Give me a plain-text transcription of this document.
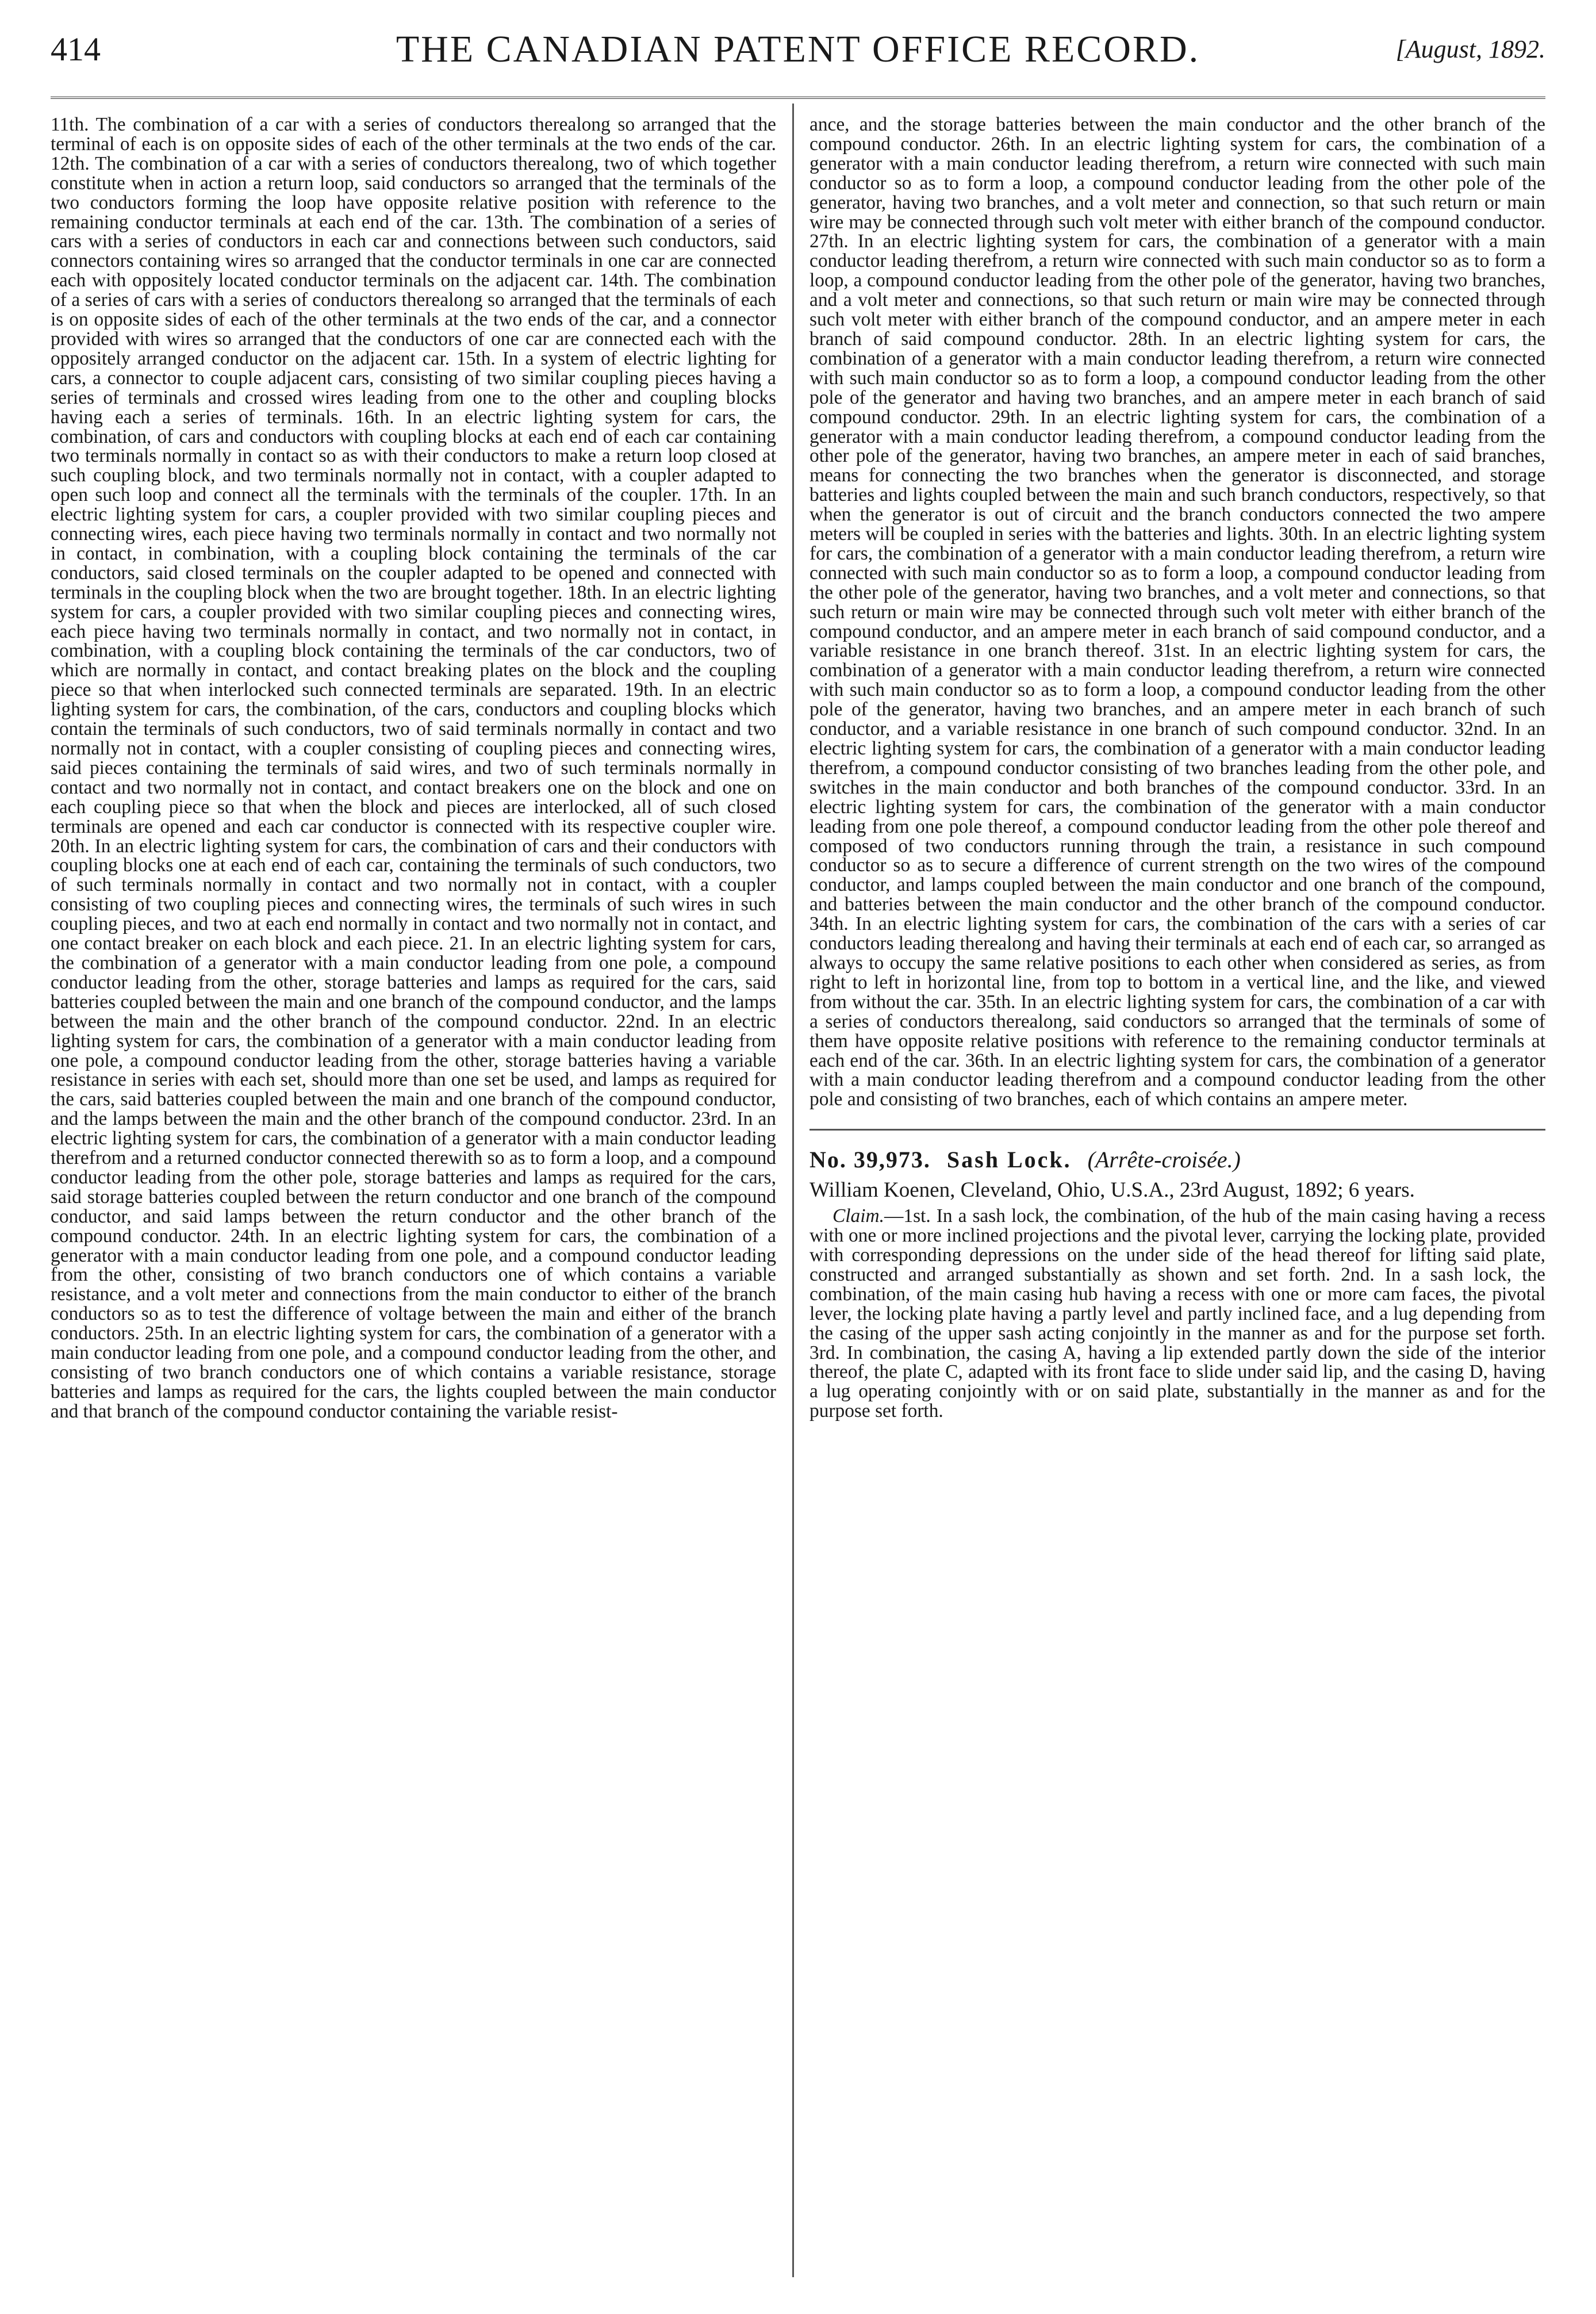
414	THE CANADIAN PATENT OFFICE RECORD.	[August, 1892.

11th. The combination of a car with a series of conductors therealong so arranged that the terminal of each is on opposite sides of each of the other terminals at the two ends of the car. 12th. The combination of a car with a series of conductors therealong, two of which together constitute when in action a return loop, said conductors so arranged that the terminals of the two conductors forming the loop have opposite relative position with reference to the remaining conductor terminals at each end of the car. 13th. The combination of a series of cars with a series of conductors in each car and connections between such conductors, said connectors containing wires so arranged that the conductor terminals in one car are connected each with oppositely located conductor terminals on the adjacent car. 14th. The combination of a series of cars with a series of conductors therealong so arranged that the terminals of each is on opposite sides of each of the other terminals at the two ends of the car, and a connector provided with wires so arranged that the conductors of one car are connected each with the oppositely arranged conductor on the adjacent car. 15th. In a system of electric lighting for cars, a connector to couple adjacent cars, consisting of two similar coupling pieces having a series of terminals and crossed wires leading from one to the other and coupling blocks having each a series of terminals. 16th. In an electric lighting system for cars, the combination, of cars and conductors with coupling blocks at each end of each car containing two terminals normally in contact so as with their conductors to make a return loop closed at such coupling block, and two terminals normally not in contact, with a coupler adapted to open such loop and connect all the terminals with the terminals of the coupler. 17th. In an electric lighting system for cars, a coupler provided with two similar coupling pieces and connecting wires, each piece having two terminals normally in contact and two normally not in contact, in combination, with a coupling block containing the terminals of the car conductors, said closed terminals on the coupler adapted to be opened and connected with terminals in the coupling block when the two are brought together. 18th. In an electric lighting system for cars, a coupler provided with two similar coupling pieces and connecting wires, each piece having two terminals normally in contact, and two normally not in contact, in combination, with a coupling block containing the terminals of the car conductors, two of which are normally in contact, and contact breaking plates on the block and the coupling piece so that when interlocked such connected terminals are separated. 19th. In an electric lighting system for cars, the combination, of the cars, conductors and coupling blocks which contain the terminals of such conductors, two of said terminals normally in contact and two normally not in contact, with a coupler consisting of coupling pieces and connecting wires, said pieces containing the terminals of said wires, and two of such terminals normally in contact and two normally not in contact, and contact breakers one on the block and one on each coupling piece so that when the block and pieces are interlocked, all of such closed terminals are opened and each car conductor is connected with its respective coupler wire. 20th. In an electric lighting system for cars, the combination of cars and their conductors with coupling blocks one at each end of each car, containing the terminals of such conductors, two of such terminals normally in contact and two normally not in contact, with a coupler consisting of two coupling pieces and connecting wires, the terminals of such wires in such coupling pieces, and two at each end normally in contact and two normally not in contact, and one contact breaker on each block and each piece. 21. In an electric lighting system for cars, the combination of a generator with a main conductor leading from one pole, a compound conductor leading from the other, storage batteries and lamps as required for the cars, said batteries coupled between the main and one branch of the compound conductor, and the lamps between the main and the other branch of the compound conductor. 22nd. In an electric lighting system for cars, the combination of a generator with a main conductor leading from one pole, a compound conductor leading from the other, storage batteries having a variable resistance in series with each set, should more than one set be used, and lamps as required for the cars, said batteries coupled between the main and one branch of the compound conductor, and the lamps between the main and the other branch of the compound conductor. 23rd. In an electric lighting system for cars, the combination of a generator with a main conductor leading therefrom and a returned conductor connected therewith so as to form a loop, and a compound conductor leading from the other pole, storage batteries and lamps as required for the cars, said storage batteries coupled between the return conductor and one branch of the compound conductor, and said lamps between the return conductor and the other branch of the compound conductor. 24th. In an electric lighting system for cars, the combination of a generator with a main conductor leading from one pole, and a compound conductor leading from the other, consisting of two branch conductors one of which contains a variable resistance, and a volt meter and connections from the main conductor to either of the branch conductors so as to test the difference of voltage between the main and either of the branch conductors. 25th. In an electric lighting system for cars, the combination of a generator with a main conductor leading from one pole, and a compound conductor leading from the other, and consisting of two branch conductors one of which contains a variable resistance, storage batteries and lamps as required for the cars, the lights coupled between the main conductor and that branch of the compound conductor containing the variable resist-

ance, and the storage batteries between the main conductor and the other branch of the compound conductor. 26th. In an electric lighting system for cars, the combination of a generator with a main conductor leading therefrom, a return wire connected with such main conductor so as to form a loop, a compound conductor leading from the other pole of the generator, having two branches, and a volt meter and connection, so that such return or main wire may be connected through such volt meter with either branch of the compound conductor. 27th. In an electric lighting system for cars, the combination of a generator with a main conductor leading therefrom, a return wire connected with such main conductor so as to form a loop, a compound conductor leading from the other pole of the generator, having two branches, and a volt meter and connections, so that such return or main wire may be connected through such volt meter with either branch of the compound conductor, and an ampere meter in each branch of said compound conductor. 28th. In an electric lighting system for cars, the combination of a generator with a main conductor leading therefrom, a return wire connected with such main conductor so as to form a loop, a compound conductor leading from the other pole of the generator and having two branches, and an ampere meter in each branch of said compound conductor. 29th. In an electric lighting system for cars, the combination of a generator with a main conductor leading therefrom, a compound conductor leading from the other pole of the generator, having two branches, an ampere meter in each of said branches, means for connecting the two branches when the generator is disconnected, and storage batteries and lights coupled between the main and such branch conductors, respectively, so that when the generator is out of circuit and the branch conductors connected the two ampere meters will be coupled in series with the batteries and lights. 30th. In an electric lighting system for cars, the combination of a generator with a main conductor leading therefrom, a return wire connected with such main conductor so as to form a loop, a compound conductor leading from the other pole of the generator, having two branches, and a volt meter and connections, so that such return or main wire may be connected through such volt meter with either branch of the compound conductor, and an ampere meter in each branch of said compound conductor, and a variable resistance in one branch thereof. 31st. In an electric lighting system for cars, the combination of a generator with a main conductor leading therefrom, a return wire connected with such main conductor so as to form a loop, a compound conductor leading from the other pole of the generator, having two branches, and an ampere meter in each branch of such conductor, and a variable resistance in one branch of such compound conductor. 32nd. In an electric lighting system for cars, the combination of a generator with a main conductor leading therefrom, a compound conductor consisting of two branches leading from the other pole, and switches in the main conductor and both branches of the compound conductor. 33rd. In an electric lighting system for cars, the combination of the generator with a main conductor leading from one pole thereof, a compound conductor leading from the other pole thereof and composed of two conductors running through the train, a resistance in such compound conductor so as to secure a difference of current strength on the two wires of the compound conductor, and lamps coupled between the main conductor and one branch of the compound, and batteries between the main conductor and the other branch of the compound conductor. 34th. In an electric lighting system for cars, the combination of the cars with a series of car conductors leading therealong and having their terminals at each end of each car, so arranged as always to occupy the same relative positions to each other when considered as series, as from right to left in horizontal line, from top to bottom in a vertical line, and the like, and viewed from without the car. 35th. In an electric lighting system for cars, the combination of a car with a series of conductors therealong, said conductors so arranged that the terminals of some of them have opposite relative positions with reference to the remaining conductor terminals at each end of the car. 36th. In an electric lighting system for cars, the combination of a generator with a main conductor leading therefrom and a compound conductor leading from the other pole and consisting of two branches, each of which contains an ampere meter.

No. 39,973. Sash Lock. (Arrête-croisée.)

William Koenen, Cleveland, Ohio, U.S.A., 23rd August, 1892; 6 years.

Claim.—1st. In a sash lock, the combination, of the hub of the main casing having a recess with one or more inclined projections and the pivotal lever, carrying the locking plate, provided with corresponding depressions on the under side of the head thereof for lifting said plate, constructed and arranged substantially as shown and set forth. 2nd. In a sash lock, the combination, of the main casing hub having a recess with one or more cam faces, the pivotal lever, the locking plate having a partly level and partly inclined face, and a lug depending from the casing of the upper sash acting conjointly in the manner as and for the purpose set forth. 3rd. In combination, the casing A, having a lip extended partly down the side of the interior thereof, the plate C, adapted with its front face to slide under said lip, and the casing D, having a lug operating conjointly with or on said plate, substantially in the manner as and for the purpose set forth.
